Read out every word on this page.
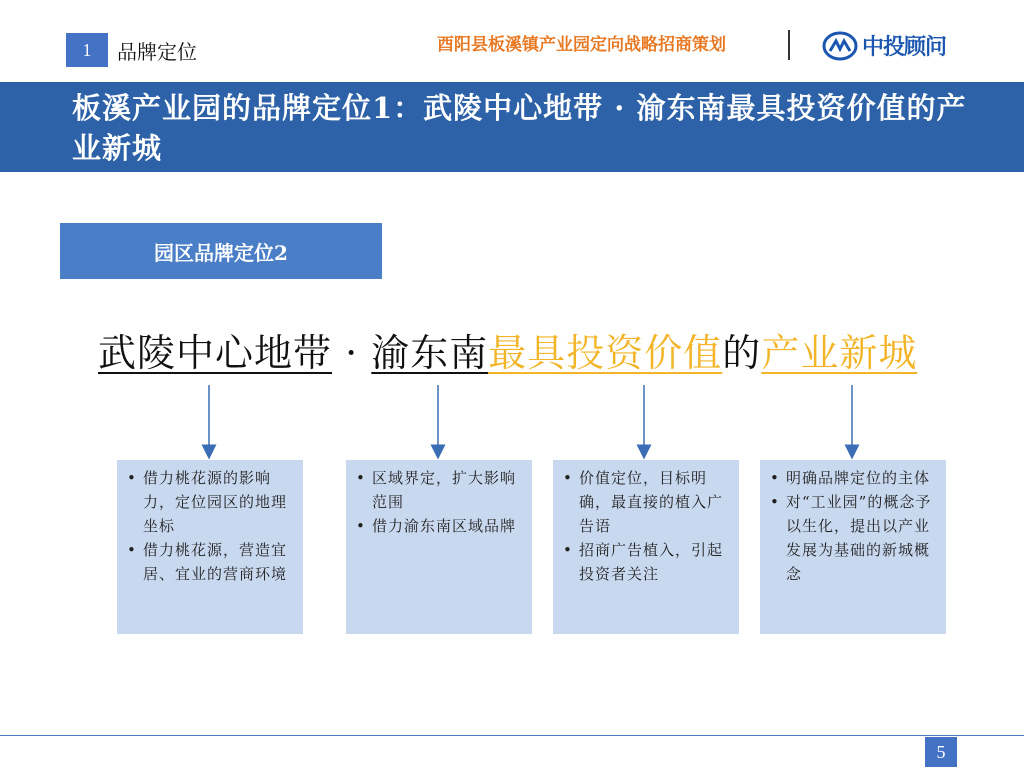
1	品牌定位	酉阳县板溪镇产业园定向战略招商策划	中投顾问
板溪产业园的品牌定位1：武陵中心地带 · 渝东南最具投资价值的产业新城
园区品牌定位2
武陵中心地带 · 渝东南最具投资价值的产业新城
• 借力桃花源的影响力，定位园区的地理坐标
• 借力桃花源，营造宜居、宜业的营商环境
• 区域界定，扩大影响范围
• 借力渝东南区域品牌
• 价值定位，目标明确，最直接的植入广告语
• 招商广告植入，引起投资者关注
• 明确品牌定位的主体
• 对“工业园”的概念予以生化，提出以产业发展为基础的新城概念
5
